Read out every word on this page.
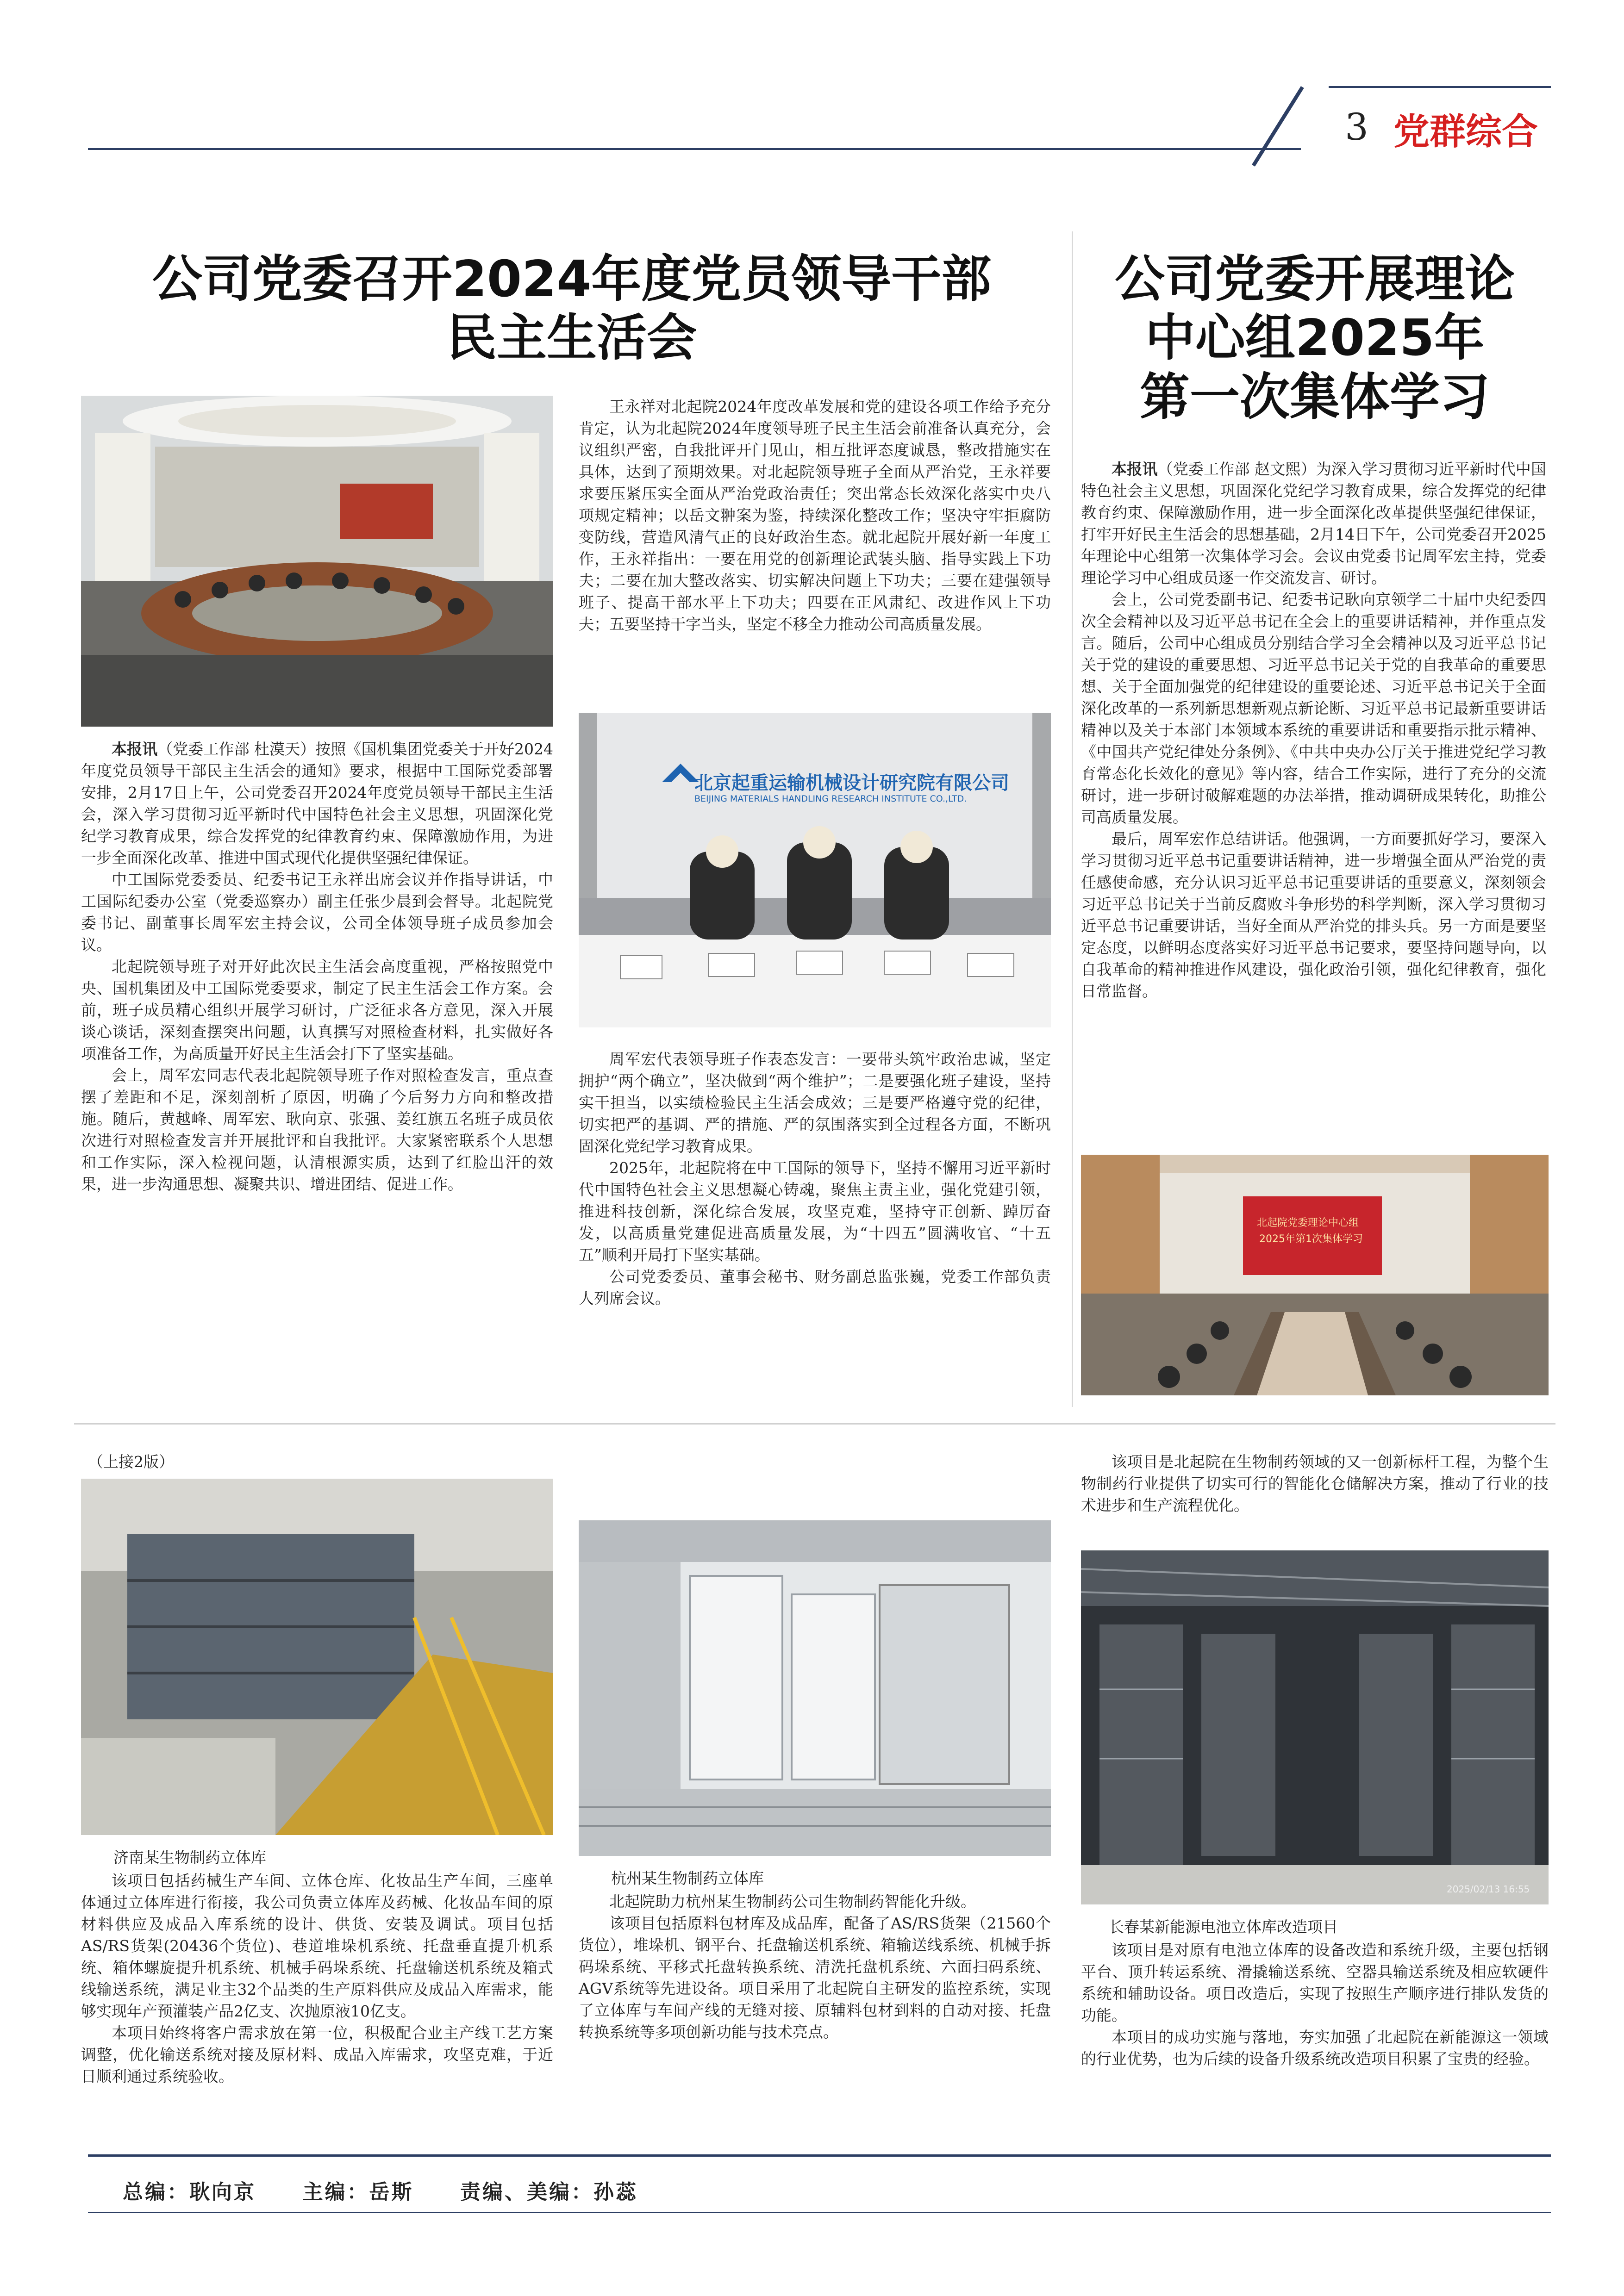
3 党群综合
公司党委召开2024年度党员领导干部
民主生活会

本报讯（党委工作部 杜漠天）按照《国机集团党委关于开好2024年度党员领导干部民主生活会的通知》要求，根据中工国际党委部署安排，2月17日上午，公司党委召开2024年度党员领导干部民主生活会，深入学习贯彻习近平新时代中国特色社会主义思想，巩固深化党纪学习教育成果，综合发挥党的纪律教育约束、保障激励作用，为进一步全面深化改革、推进中国式现代化提供坚强纪律保证。

中工国际党委委员、纪委书记王永祥出席会议并作指导讲话，中工国际纪委办公室（党委巡察办）副主任张少晨到会督导。北起院党委书记、副董事长周军宏主持会议，公司全体领导班子成员参加会议。

北起院领导班子对开好此次民主生活会高度重视，严格按照党中央、国机集团及中工国际党委要求，制定了民主生活会工作方案。会前，班子成员精心组织开展学习研讨，广泛征求各方意见，深入开展谈心谈话，深刻查摆突出问题，认真撰写对照检查材料，扎实做好各项准备工作，为高质量开好民主生活会打下了坚实基础。

会上，周军宏同志代表北起院领导班子作对照检查发言，重点查摆了差距和不足，深刻剖析了原因，明确了今后努力方向和整改措施。随后，黄越峰、周军宏、耿向京、张强、姜红旗五名班子成员依次进行对照检查发言并开展批评和自我批评。大家紧密联系个人思想和工作实际，深入检视问题，认清根源实质，达到了红脸出汗的效果，进一步沟通思想、凝聚共识、增进团结、促进工作。

王永祥对北起院2024年度改革发展和党的建设各项工作给予充分肯定，认为北起院2024年度领导班子民主生活会前准备认真充分，会议组织严密，自我批评开门见山，相互批评态度诚恳，整改措施实在具体，达到了预期效果。对北起院领导班子全面从严治党，王永祥要求要压紧压实全面从严治党政治责任；突出常态长效深化落实中央八项规定精神；以岳文翀案为鉴，持续深化整改工作；坚决守牢拒腐防变防线，营造风清气正的良好政治生态。就北起院开展好新一年度工作，王永祥指出：一要在用党的创新理论武装头脑、指导实践上下功夫；二要在加大整改落实、切实解决问题上下功夫；三要在建强领导班子、提高干部水平上下功夫；四要在正风肃纪、改进作风上下功夫；五要坚持干字当头，坚定不移全力推动公司高质量发展。

北京起重运输机械设计研究院有限公司
BEIJING MATERIALS HANDLING RESEARCH INSTITUTE CO.,LTD.

周军宏代表领导班子作表态发言：一要带头筑牢政治忠诚，坚定拥护“两个确立”，坚决做到“两个维护”；二是要强化班子建设，坚持实干担当，以实绩检验民主生活会成效；三是要严格遵守党的纪律，切实把严的基调、严的措施、严的氛围落实到全过程各方面，不断巩固深化党纪学习教育成果。

2025年，北起院将在中工国际的领导下，坚持不懈用习近平新时代中国特色社会主义思想凝心铸魂，聚焦主责主业，强化党建引领，推进科技创新，深化综合发展，攻坚克难，坚持守正创新、踔厉奋发，以高质量党建促进高质量发展，为“十四五”圆满收官、“十五五”顺利开局打下坚实基础。

公司党委委员、董事会秘书、财务副总监张巍，党委工作部负责人列席会议。

公司党委开展理论
中心组2025年
第一次集体学习

本报讯（党委工作部 赵文熙）为深入学习贯彻习近平新时代中国特色社会主义思想，巩固深化党纪学习教育成果，综合发挥党的纪律教育约束、保障激励作用，进一步全面深化改革提供坚强纪律保证，打牢开好民主生活会的思想基础，2月14日下午，公司党委召开2025年理论中心组第一次集体学习会。会议由党委书记周军宏主持，党委理论学习中心组成员逐一作交流发言、研讨。

会上，公司党委副书记、纪委书记耿向京领学二十届中央纪委四次全会精神以及习近平总书记在全会上的重要讲话精神，并作重点发言。随后，公司中心组成员分别结合学习全会精神以及习近平总书记关于党的建设的重要思想、习近平总书记关于党的自我革命的重要思想、关于全面加强党的纪律建设的重要论述、习近平总书记关于全面深化改革的一系列新思想新观点新论断、习近平总书记最新重要讲话精神以及关于本部门本领域本系统的重要讲话和重要指示批示精神、《中国共产党纪律处分条例》、《中共中央办公厅关于推进党纪学习教育常态化长效化的意见》等内容，结合工作实际，进行了充分的交流研讨，进一步研讨破解难题的办法举措，推动调研成果转化，助推公司高质量发展。

最后，周军宏作总结讲话。他强调，一方面要抓好学习，要深入学习贯彻习近平总书记重要讲话精神，进一步增强全面从严治党的责任感使命感，充分认识习近平总书记重要讲话的重要意义，深刻领会习近平总书记关于当前反腐败斗争形势的科学判断，深入学习贯彻习近平总书记重要讲话，当好全面从严治党的排头兵。另一方面是要坚定态度，以鲜明态度落实好习近平总书记要求，要坚持问题导向，以自我革命的精神推进作风建设，强化政治引领，强化纪律教育，强化日常监督。

北起院党委理论中心组
2025年第1次集体学习
（上接2版）
济南某生物制药立体库

该项目包括药械生产车间、立体仓库、化妆品生产车间，三座单体通过立体库进行衔接，我公司负责立体库及药械、化妆品车间的原材料供应及成品入库系统的设计、供货、安装及调试。项目包括AS/RS货架(20436个货位)、巷道堆垛机系统、托盘垂直提升机系统、箱体螺旋提升机系统、机械手码垛系统、托盘输送机系统及箱式线输送系统，满足业主32个品类的生产原料供应及成品入库需求，能够实现年产预灌装产品2亿支、次抛原液10亿支。

本项目始终将客户需求放在第一位，积极配合业主产线工艺方案调整，优化输送系统对接及原材料、成品入库需求，攻坚克难，于近日顺利通过系统验收。

杭州某生物制药立体库

北起院助力杭州某生物制药公司生物制药智能化升级。

该项目包括原料包材库及成品库，配备了AS/RS货架（21560个货位），堆垛机、钢平台、托盘输送机系统、箱输送线系统、机械手拆码垛系统、平移式托盘转换系统、清洗托盘机系统、六面扫码系统、AGV系统等先进设备。项目采用了北起院自主研发的监控系统，实现了立体库与车间产线的无缝对接、原辅料包材到料的自动对接、托盘转换系统等多项创新功能与技术亮点。

该项目是北起院在生物制药领域的又一创新标杆工程，为整个生物制药行业提供了切实可行的智能化仓储解决方案，推动了行业的技术进步和生产流程优化。

2025/02/13 16:55
长春某新能源电池立体库改造项目

该项目是对原有电池立体库的设备改造和系统升级，主要包括钢平台、顶升转运系统、滑撬输送系统、空器具输送系统及相应软硬件系统和辅助设备。项目改造后，实现了按照生产顺序进行排队发货的功能。

本项目的成功实施与落地，夯实加强了北起院在新能源这一领域的行业优势，也为后续的设备升级系统改造项目积累了宝贵的经验。

总编：耿向京 主编：岳斯 责编、美编：孙蕊
